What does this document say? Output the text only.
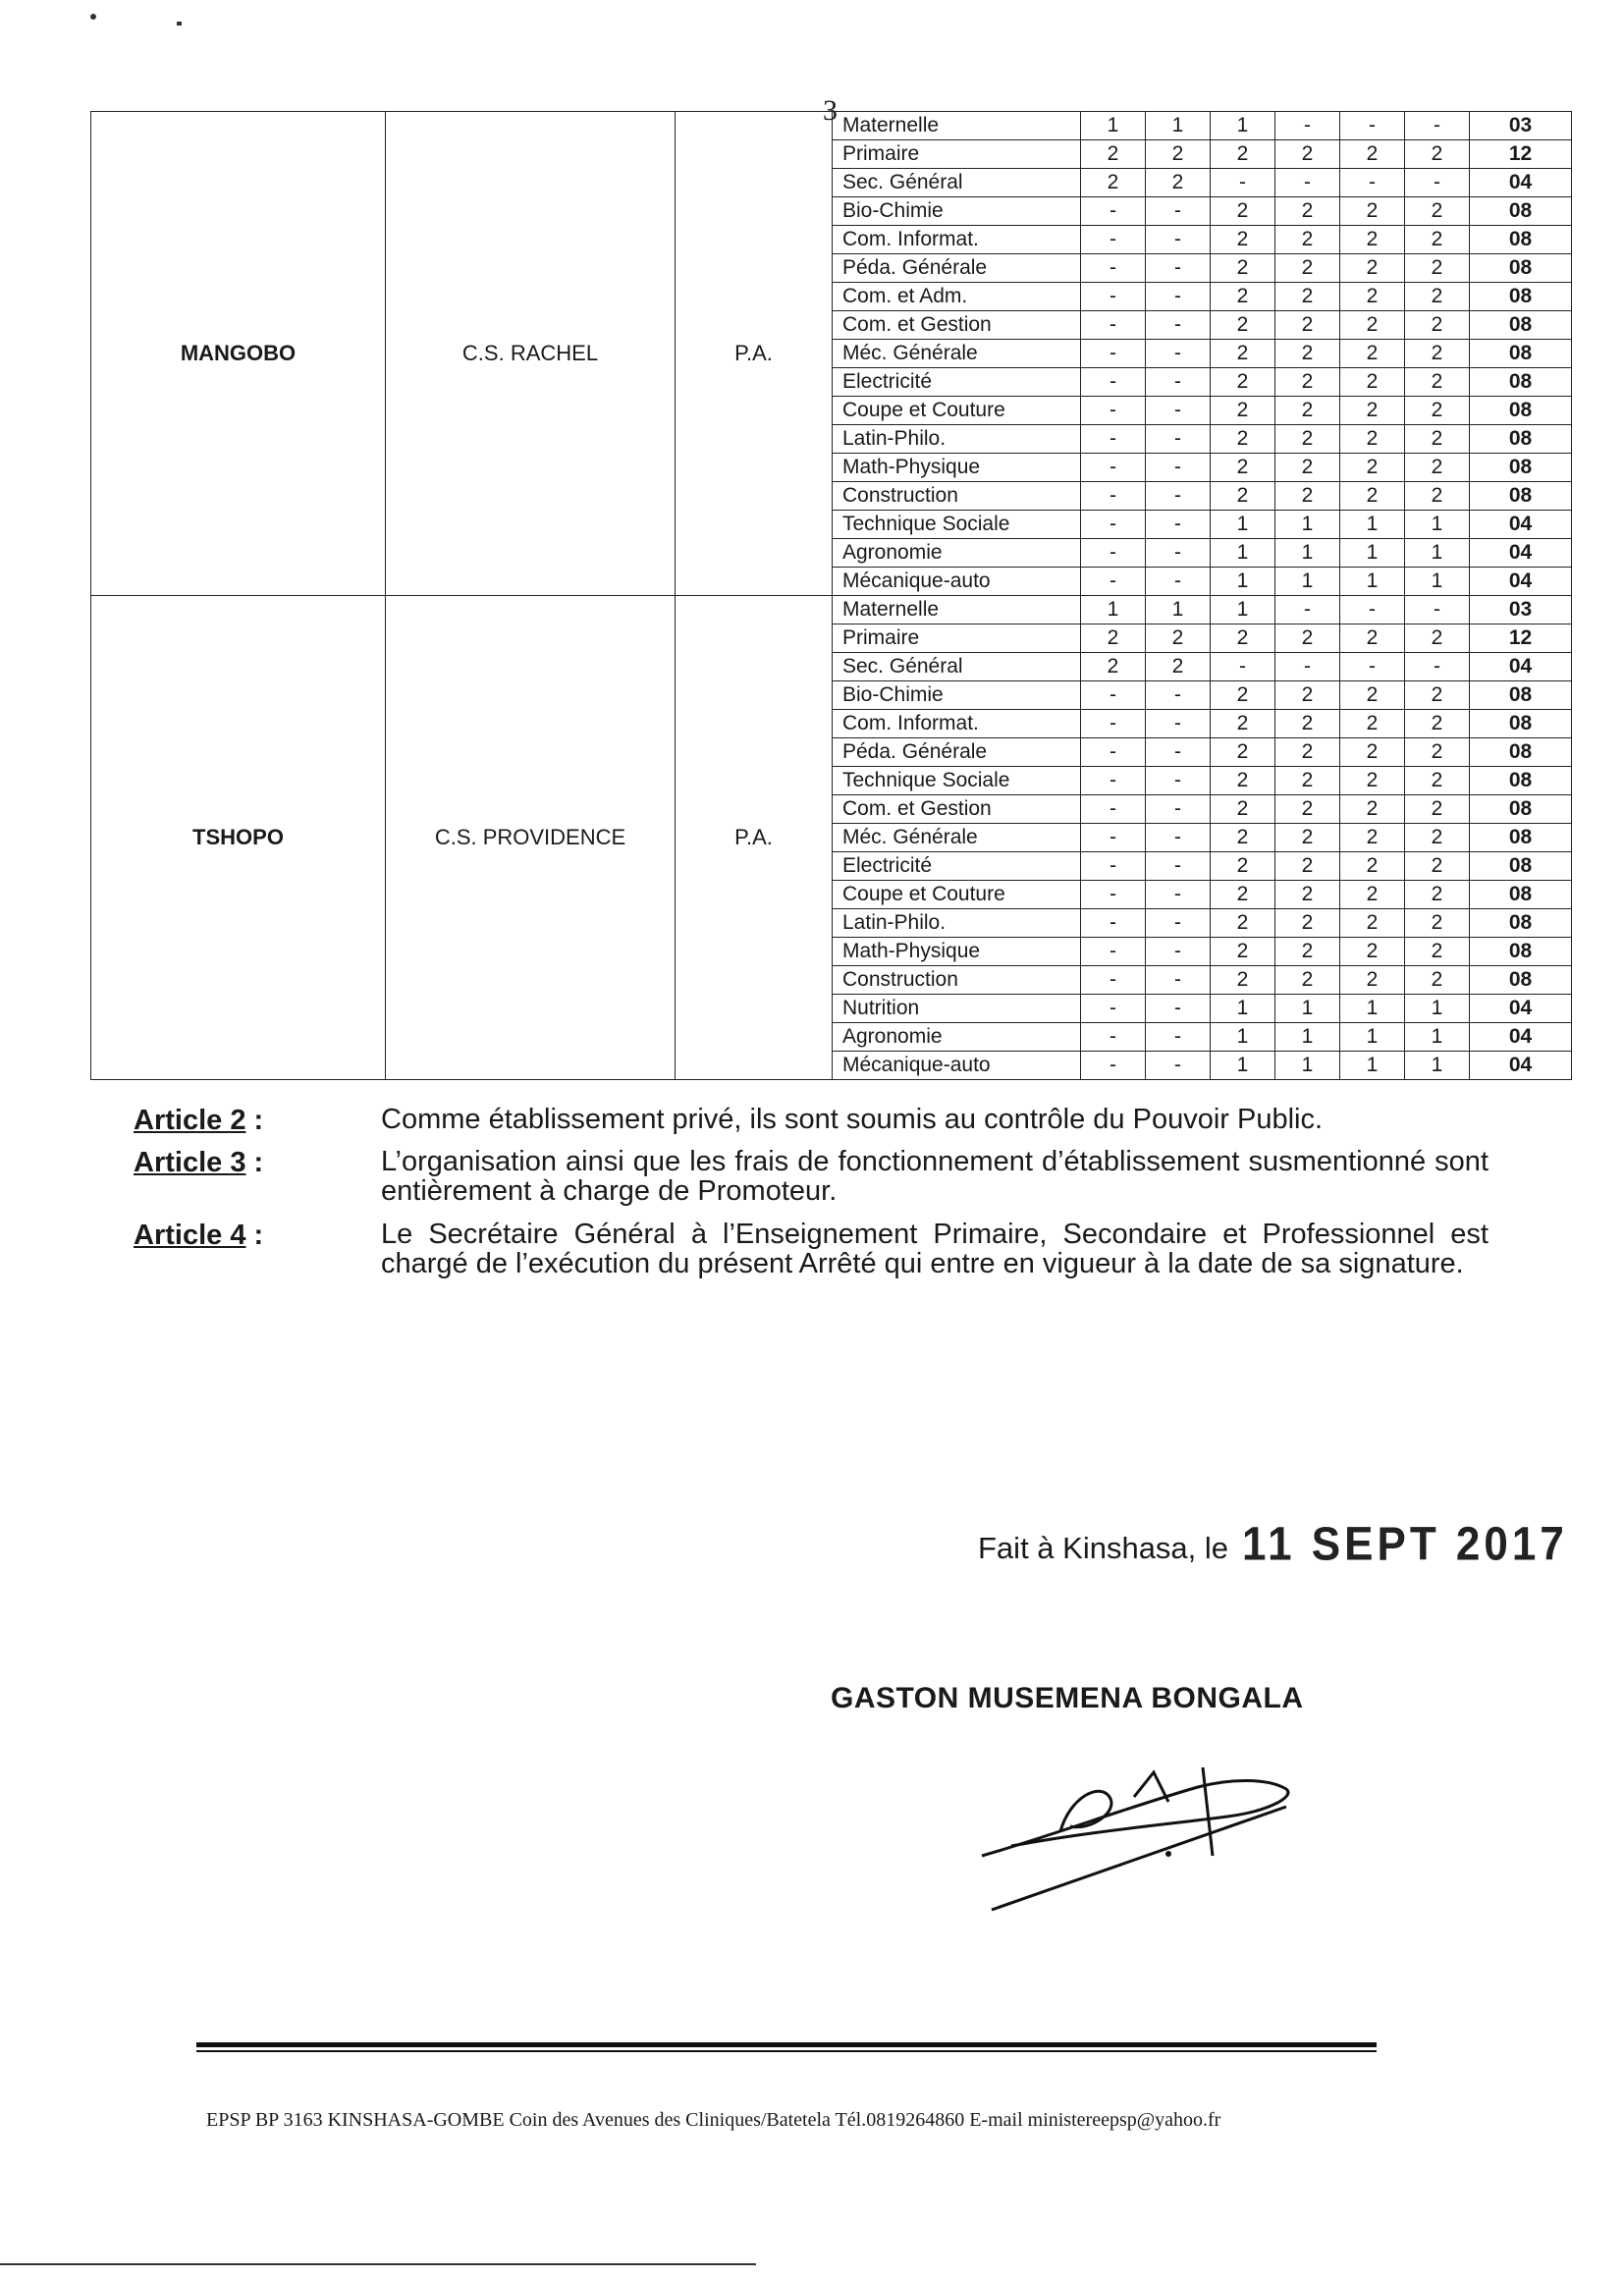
3
MANGOBO	C.S. RACHEL	P.A.	Maternelle	1	1	1	-	-	-	03
			Primaire	2	2	2	2	2	2	12
			Sec. Général	2	2	-	-	-	-	04
			Bio-Chimie	-	-	2	2	2	2	08
			Com. Informat.	-	-	2	2	2	2	08
			Péda. Générale	-	-	2	2	2	2	08
			Com. et Adm.	-	-	2	2	2	2	08
			Com. et Gestion	-	-	2	2	2	2	08
			Méc. Générale	-	-	2	2	2	2	08
			Electricité	-	-	2	2	2	2	08
			Coupe et Couture	-	-	2	2	2	2	08
			Latin-Philo.	-	-	2	2	2	2	08
			Math-Physique	-	-	2	2	2	2	08
			Construction	-	-	2	2	2	2	08
			Technique Sociale	-	-	1	1	1	1	04
			Agronomie	-	-	1	1	1	1	04
			Mécanique-auto	-	-	1	1	1	1	04
TSHOPO	C.S. PROVIDENCE	P.A.	Maternelle	1	1	1	-	-	-	03
			Primaire	2	2	2	2	2	2	12
			Sec. Général	2	2	-	-	-	-	04
			Bio-Chimie	-	-	2	2	2	2	08
			Com. Informat.	-	-	2	2	2	2	08
			Péda. Générale	-	-	2	2	2	2	08
			Technique Sociale	-	-	2	2	2	2	08
			Com. et Gestion	-	-	2	2	2	2	08
			Méc. Générale	-	-	2	2	2	2	08
			Electricité	-	-	2	2	2	2	08
			Coupe et Couture	-	-	2	2	2	2	08
			Latin-Philo.	-	-	2	2	2	2	08
			Math-Physique	-	-	2	2	2	2	08
			Construction	-	-	2	2	2	2	08
			Nutrition	-	-	1	1	1	1	04
			Agronomie	-	-	1	1	1	1	04
			Mécanique-auto	-	-	1	1	1	1	04
Article 2 :	Comme établissement privé, ils sont soumis au contrôle du Pouvoir Public.
Article 3 :	L’organisation ainsi que les frais de fonctionnement d’établissement susmentionné sont entièrement à charge de Promoteur.
Article 4 :	Le Secrétaire Général à l’Enseignement Primaire, Secondaire et Professionnel est chargé de l’exécution du présent Arrêté qui entre en vigueur à la date de sa signature.
Fait à Kinshasa, le 11 SEPT 2017
GASTON MUSEMENA BONGALA
EPSP BP 3163 KINSHASA-GOMBE Coin des Avenues des Cliniques/Batetela Tél.0819264860 E-mail ministereepsp@yahoo.fr
